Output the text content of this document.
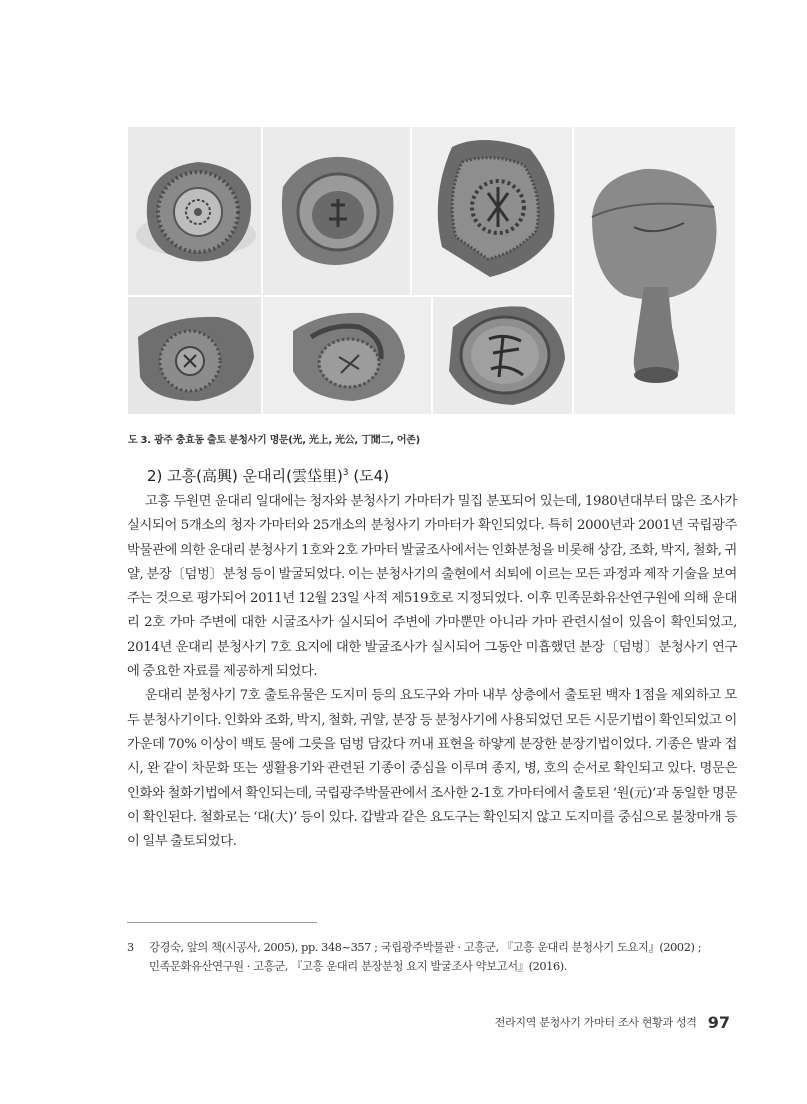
도 3. 광주 충효동 출토 분청사기 명문(光, 光上, 光公, 丁閒二, 어존)
2) 고흥(高興) 운대리(雲垈里)$^3$ (도4)

고흥 두원면 운대리 일대에는 청자와 분청사기 가마터가 밀집 분포되어 있는데, 1980년대부터 많은 조사가 실시되어 5개소의 청자 가마터와 25개소의 분청사기 가마터가 확인되었다. 특히 2000년과 2001년 국립광주박물관에 의한 운대리 분청사기 1호와 2호 가마터 발굴조사에서는 인화분청을 비롯해 상감, 조화, 박지, 철화, 귀얄, 분장〔덤벙〕분청 등이 발굴되었다. 이는 분청사기의 출현에서 쇠퇴에 이르는 모든 과정과 제작 기술을 보여주는 것으로 평가되어 2011년 12월 23일 사적 제519호로 지정되었다. 이후 민족문화유산연구원에 의해 운대리 2호 가마 주변에 대한 시굴조사가 실시되어 주변에 가마뿐만 아니라 가마 관련시설이 있음이 확인되었고, 2014년 운대리 분청사기 7호 요지에 대한 발굴조사가 실시되어 그동안 미흡했던 분장〔덤벙〕분청사기 연구에 중요한 자료를 제공하게 되었다.

운대리 분청사기 7호 출토유물은 도지미 등의 요도구와 가마 내부 상층에서 출토된 백자 1점을 제외하고 모두 분청사기이다. 인화와 조화, 박지, 철화, 귀얄, 분장 등 분청사기에 사용되었던 모든 시문기법이 확인되었고 이 가운데 70% 이상이 백토 물에 그릇을 덤벙 담갔다 꺼내 표현을 하얗게 분장한 분장기법이었다. 기종은 발과 접시, 완 같이 차문화 또는 생활용기와 관련된 기종이 중심을 이루며 종지, 병, 호의 순서로 확인되고 있다. 명문은 인화와 철화기법에서 확인되는데, 국립광주박물관에서 조사한 2-1호 가마터에서 출토된 ‘원(元)’과 동일한 명문이 확인된다. 철화로는 ‘대(大)’ 등이 있다. 갑발과 같은 요도구는 확인되지 않고 도지미를 중심으로 불창마개 등이 일부 출토되었다.

3 강경숙, 앞의 책(시공사, 2005), pp. 348~357 ; 국립광주박물관 · 고흥군, 『고흥 운대리 분청사기 도요지』(2002) ;
민족문화유산연구원 · 고흥군, 『고흥 운대리 분장분청 요지 발굴조사 약보고서』(2016).
전라지역 분청사기 가마터 조사 현황과 성격 97
